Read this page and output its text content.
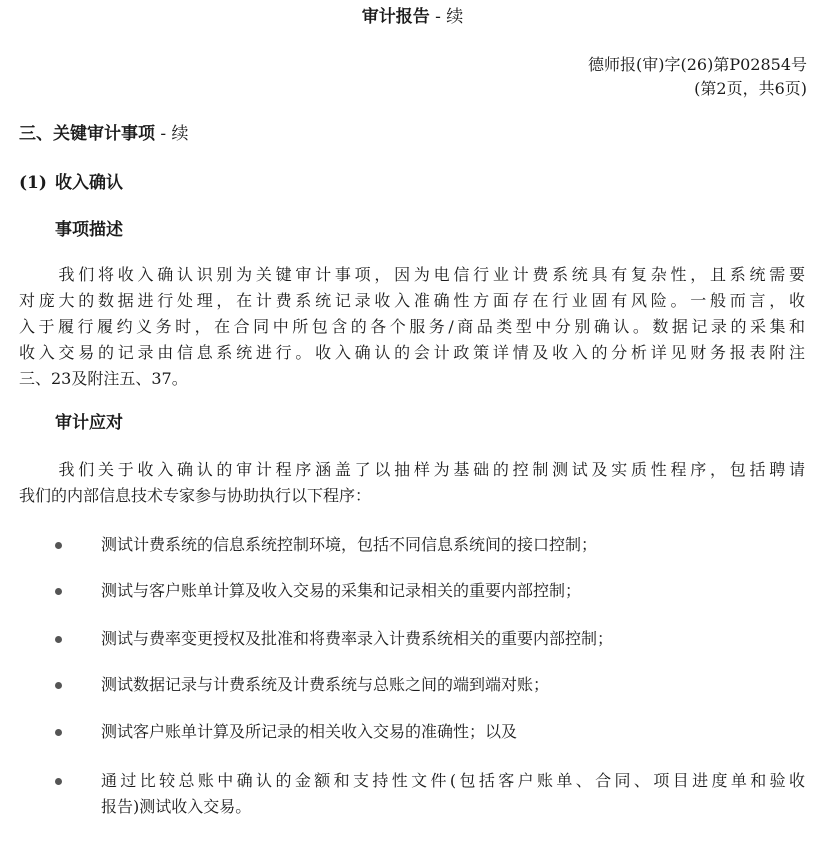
审计报告 - 续
德师报(审)字(26)第P02854号
(第2页，共6页)
三、关键审计事项 - 续
(1) 收入确认
事项描述

　　我们将收入确认识别为关键审计事项，因为电信行业计费系统具有复杂性，且系统需要
对庞大的数据进行处理，在计费系统记录收入准确性方面存在行业固有风险。一般而言，收
入于履行履约义务时，在合同中所包含的各个服务/商品类型中分别确认。数据记录的采集和
收入交易的记录由信息系统进行。收入确认的会计政策详情及收入的分析详见财务报表附注
三、23及附注五、37。

审计应对

　　我们关于收入确认的审计程序涵盖了以抽样为基础的控制测试及实质性程序，包括聘请
我们的内部信息技术专家参与协助执行以下程序：

测试计费系统的信息系统控制环境，包括不同信息系统间的接口控制；
测试与客户账单计算及收入交易的采集和记录相关的重要内部控制；
测试与费率变更授权及批准和将费率录入计费系统相关的重要内部控制；
测试数据记录与计费系统及计费系统与总账之间的端到端对账；
测试客户账单计算及所记录的相关收入交易的准确性；以及
通过比较总账中确认的金额和支持性文件(包括客户账单、合同、项目进度单和验收
报告)测试收入交易。
